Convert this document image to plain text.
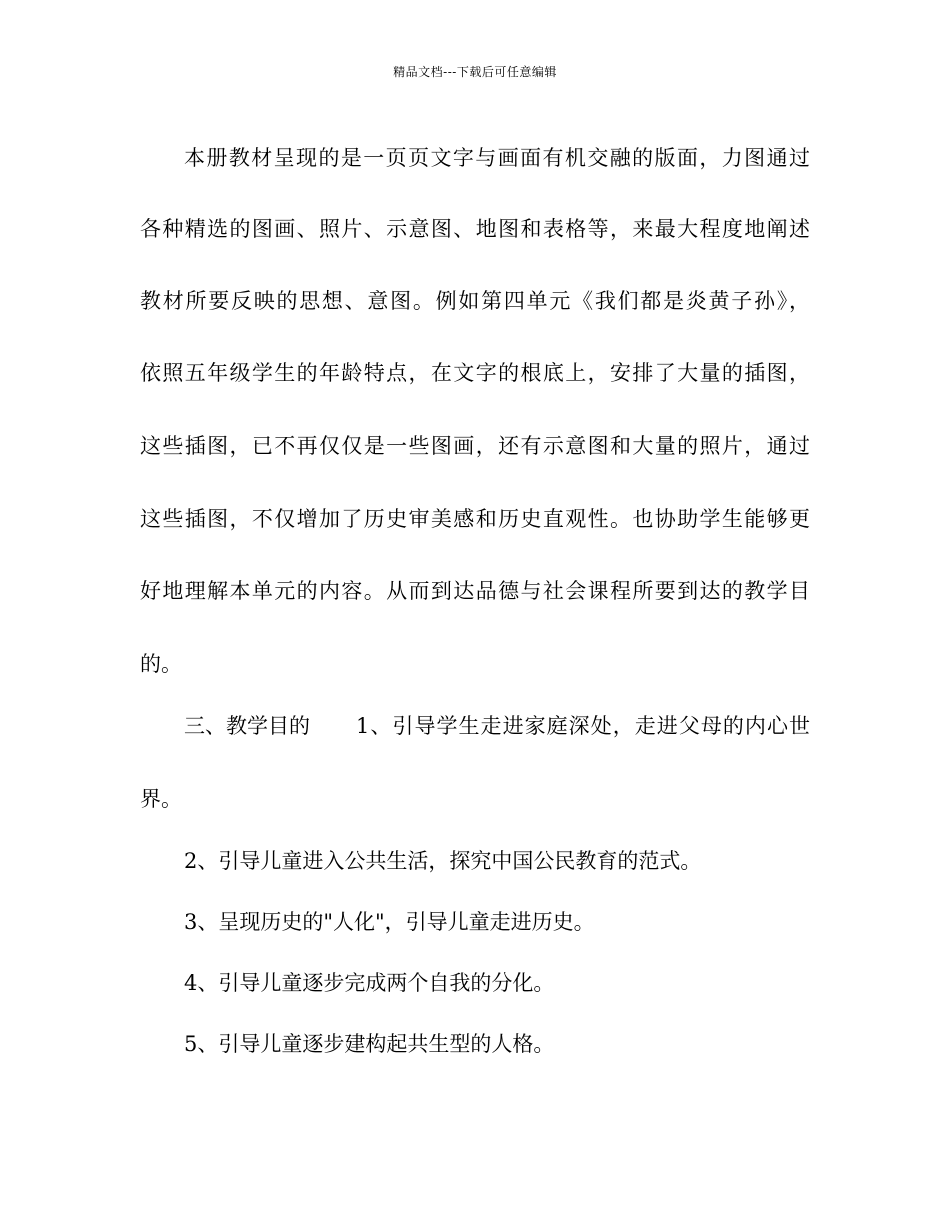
精品文档---下载后可任意编辑
本册教材呈现的是一页页文字与画面有机交融的版面，力图通过
各种精选的图画、照片、示意图、地图和表格等，来最大程度地阐述
教材所要反映的思想、意图。例如第四单元《我们都是炎黄子孙》，
依照五年级学生的年龄特点，在文字的根底上，安排了大量的插图，
这些插图，已不再仅仅是一些图画，还有示意图和大量的照片，通过
这些插图，不仅增加了历史审美感和历史直观性。也协助学生能够更
好地理解本单元的内容。从而到达品德与社会课程所要到达的教学目
的。
三、教学目的 1、引导学生走进家庭深处，走进父母的内心世
界。
2、引导儿童进入公共生活，探究中国公民教育的范式。
3、呈现历史的"人化"，引导儿童走进历史。
4、引导儿童逐步完成两个自我的分化。
5、引导儿童逐步建构起共生型的人格。
